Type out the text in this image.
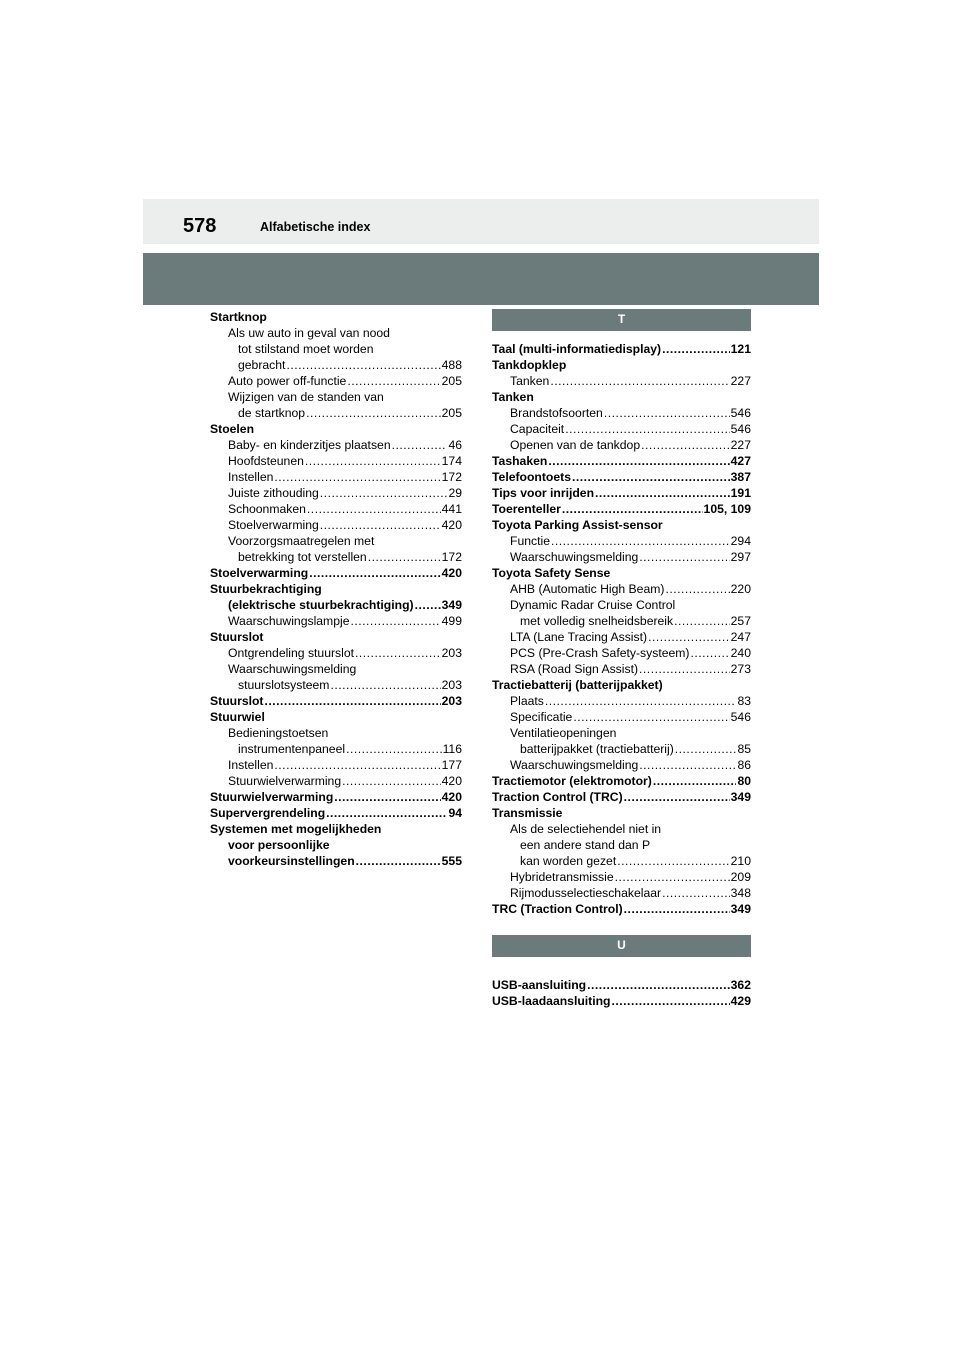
578	Alfabetische index
Startknop
Als uw auto in geval van nood
tot stilstand moet worden
gebracht .....	488
Auto power off-functie .....	205
Wijzigen van de standen van
de startknop .....	205
Stoelen
Baby- en kinderzitjes plaatsen .....	46
Hoofdsteunen .....	174
Instellen .....	172
Juiste zithouding .....	29
Schoonmaken .....	441
Stoelverwarming .....	420
Voorzorgsmaatregelen met
betrekking tot verstellen .....	172
Stoelverwarming .....	420
Stuurbekrachtiging
(elektrische stuurbekrachtiging) ..... 349
Waarschuwingslampje .....	499
Stuurslot
Ontgrendeling stuurslot .....	203
Waarschuwingsmelding
stuurslotsysteem .....	203
Stuurslot .....	203
Stuurwiel
Bedieningstoetsen
instrumentenpaneel .....	116
Instellen .....	177
Stuurwielverwarming .....	420
Stuurwielverwarming .....	420
Supervergrendeling .....	94
Systemen met mogelijkheden
voor persoonlijke
voorkeursinstellingen .....	555
T
Taal (multi-informatiedisplay) .....	121
Tankdopklep
Tanken .....	227
Tanken
Brandstofsoorten .....	546
Capaciteit .....	546
Openen van de tankdop .....	227
Tashaken .....	427
Telefoontoets .....	387
Tips voor inrijden .....	191
Toerenteller .....	105, 109
Toyota Parking Assist-sensor
Functie .....	294
Waarschuwingsmelding .....	297
Toyota Safety Sense
AHB (Automatic High Beam) .....	220
Dynamic Radar Cruise Control
met volledig snelheidsbereik .....	257
LTA (Lane Tracing Assist) .....	247
PCS (Pre-Crash Safety-systeem) .....	240
RSA (Road Sign Assist) .....	273
Tractiebatterij (batterijpakket)
Plaats .....	83
Specificatie .....	546
Ventilatieopeningen
batterijpakket (tractiebatterij) .....	85
Waarschuwingsmelding .....	86
Tractiemotor (elektromotor) .....	80
Traction Control (TRC) .....	349
Transmissie
Als de selectiehendel niet in
een andere stand dan P
kan worden gezet .....	210
Hybridetransmissie .....	209
Rijmodusselectieschakelaar .....	348
TRC (Traction Control) .....	349
U
USB-aansluiting .....	362
USB-laadaansluiting .....	429
